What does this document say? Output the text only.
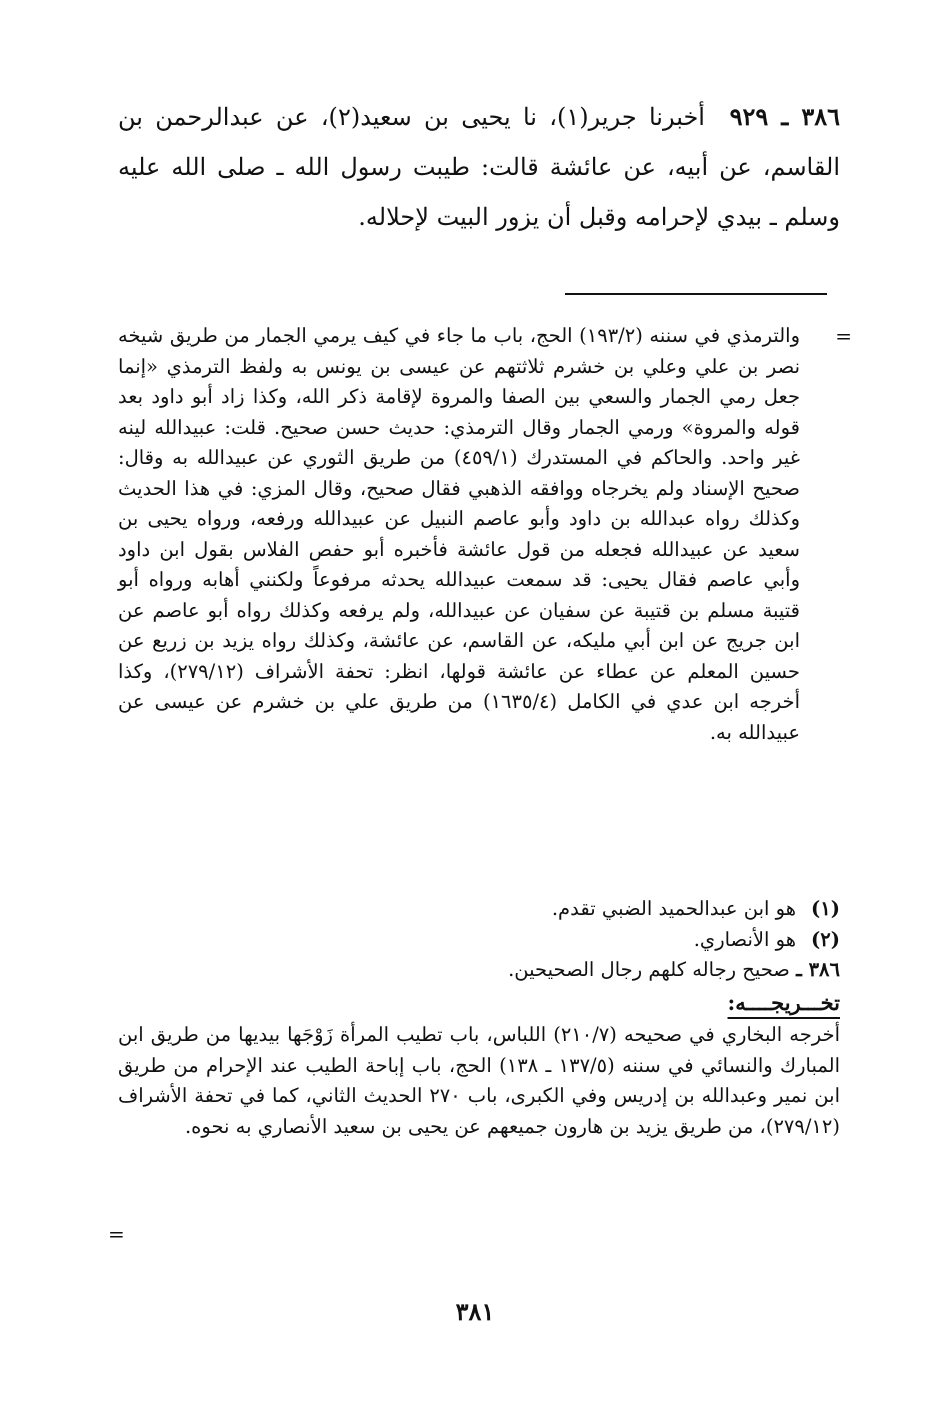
٣٨٦ ـ ٩٢٩  أخبرنا جرير(١)، نا يحيى بن سعيد(٢)، عن عبدالرحمن بن القاسم، عن أبيه، عن عائشة قالت: طيبت رسول الله ـ صلى الله عليه وسلم ـ بيدي لإحرامه وقبل أن يزور البيت لإحلاله.

=

والترمذي في سننه (١٩٣/٢) الحج، باب ما جاء في كيف يرمي الجمار من طريق شيخه نصر بن علي وعلي بن خشرم ثلاثتهم عن عيسى بن يونس به ولفظ الترمذي «إنما جعل رمي الجمار والسعي بين الصفا والمروة لإقامة ذكر الله، وكذا زاد أبو داود بعد قوله والمروة» ورمي الجمار وقال الترمذي: حديث حسن صحيح. قلت: عبيدالله لينه غير واحد. والحاكم في المستدرك (٤٥٩/١) من طريق الثوري عن عبيدالله به وقال: صحيح الإسناد ولم يخرجاه ووافقه الذهبي فقال صحيح، وقال المزي: في هذا الحديث وكذلك رواه عبدالله بن داود وأبو عاصم النبيل عن عبيدالله ورفعه، ورواه يحيى بن سعيد عن عبيدالله فجعله من قول عائشة فأخبره أبو حفص الفلاس بقول ابن داود وأبي عاصم فقال يحيى: قد سمعت عبيدالله يحدثه مرفوعاً ولكنني أهابه ورواه أبو قتيبة مسلم بن قتيبة عن سفيان عن عبيدالله، ولم يرفعه وكذلك رواه أبو عاصم عن ابن جريج عن ابن أبي مليكه، عن القاسم، عن عائشة، وكذلك رواه يزيد بن زريع عن حسين المعلم عن عطاء عن عائشة قولها، انظر: تحفة الأشراف (٢٧٩/١٢)، وكذا أخرجه ابن عدي في الكامل (١٦٣٥/٤) من طريق علي بن خشرم عن عيسى عن عبيدالله به.

(١)هو ابن عبدالحميد الضبي تقدم.
(٢)هو الأنصاري.
٣٨٦ ـ صحيح رجاله كلهم رجال الصحيحين.
تخـــريجــــه:

أخرجه البخاري في صحيحه (٢١٠/٧) اللباس، باب تطيب المرأة زَوْجَها بيديها من طريق ابن المبارك والنسائي في سننه (١٣٧/٥ ـ ١٣٨) الحج، باب إباحة الطيب عند الإحرام من طريق ابن نمير وعبدالله بن إدريس وفي الكبرى، باب ٢٧٠ الحديث الثاني، كما في تحفة الأشراف (٢٧٩/١٢)، من طريق يزيد بن هارون جميعهم عن يحيى بن سعيد الأنصاري به نحوه.

=
٣٨١
